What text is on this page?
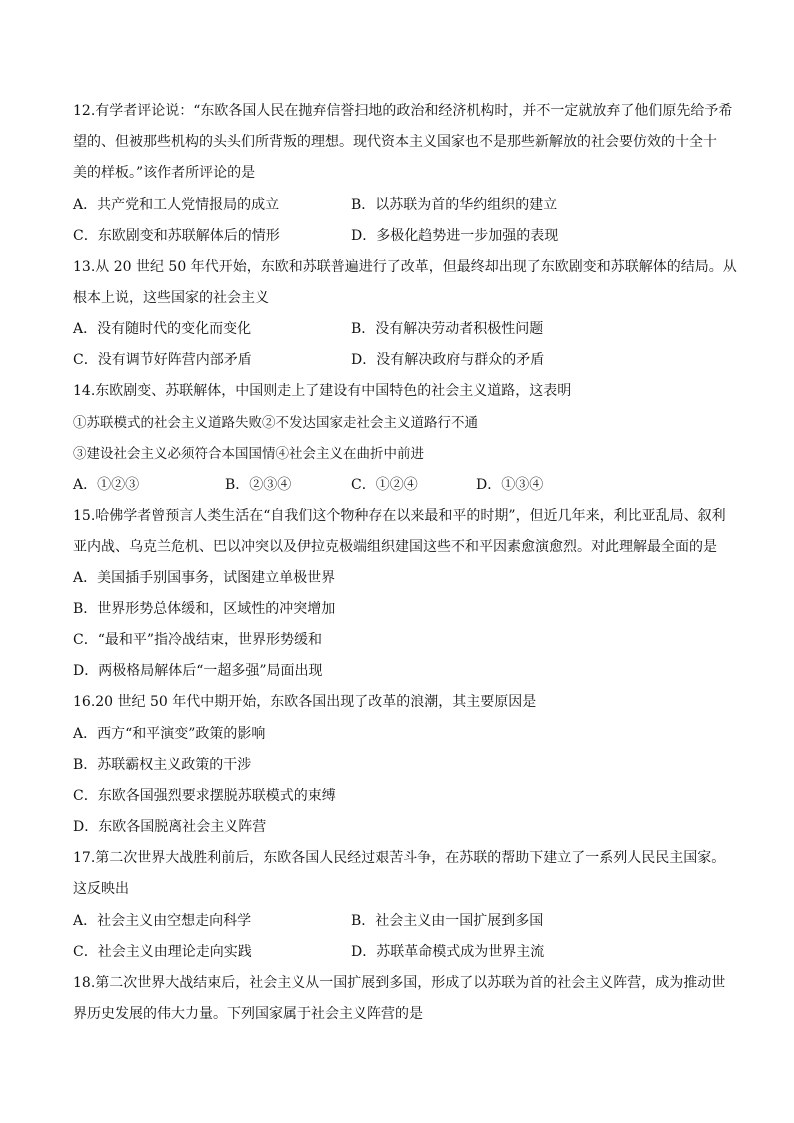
12.有学者评论说：“东欧各国人民在抛弃信誉扫地的政治和经济机构时，并不一定就放弃了他们原先给予希
望的、但被那些机构的头头们所背叛的理想。现代资本主义国家也不是那些新解放的社会要仿效的十全十
美的样板。”该作者所评论的是
A．共产党和工人党情报局的成立	B．以苏联为首的华约组织的建立
C．东欧剧变和苏联解体后的情形	D．多极化趋势进一步加强的表现
13.从 20 世纪 50 年代开始，东欧和苏联普遍进行了改革，但最终却出现了东欧剧变和苏联解体的结局。从
根本上说，这些国家的社会主义
A．没有随时代的变化而变化	B．没有解决劳动者积极性问题
C．没有调节好阵营内部矛盾	D．没有解决政府与群众的矛盾
14.东欧剧变、苏联解体，中国则走上了建设有中国特色的社会主义道路，这表明
①苏联模式的社会主义道路失败②不发达国家走社会主义道路行不通
③建设社会主义必须符合本国国情④社会主义在曲折中前进
A．①②③	B．②③④	C．①②④	D．①③④
15.哈佛学者曾预言人类生活在“自我们这个物种存在以来最和平的时期”，但近几年来，利比亚乱局、叙利
亚内战、乌克兰危机、巴以冲突以及伊拉克极端组织建国这些不和平因素愈演愈烈。对此理解最全面的是
A．美国插手别国事务，试图建立单极世界
B．世界形势总体缓和，区域性的冲突增加
C．“最和平”指冷战结束，世界形势缓和
D．两极格局解体后“一超多强”局面出现
16.20 世纪 50 年代中期开始，东欧各国出现了改革的浪潮，其主要原因是
A．西方“和平演变”政策的影响
B．苏联霸权主义政策的干涉
C．东欧各国强烈要求摆脱苏联模式的束缚
D．东欧各国脱离社会主义阵营
17.第二次世界大战胜利前后，东欧各国人民经过艰苦斗争，在苏联的帮助下建立了一系列人民民主国家。
这反映出
A．社会主义由空想走向科学	B．社会主义由一国扩展到多国
C．社会主义由理论走向实践	D．苏联革命模式成为世界主流
18.第二次世界大战结束后，社会主义从一国扩展到多国，形成了以苏联为首的社会主义阵营，成为推动世
界历史发展的伟大力量。下列国家属于社会主义阵营的是
